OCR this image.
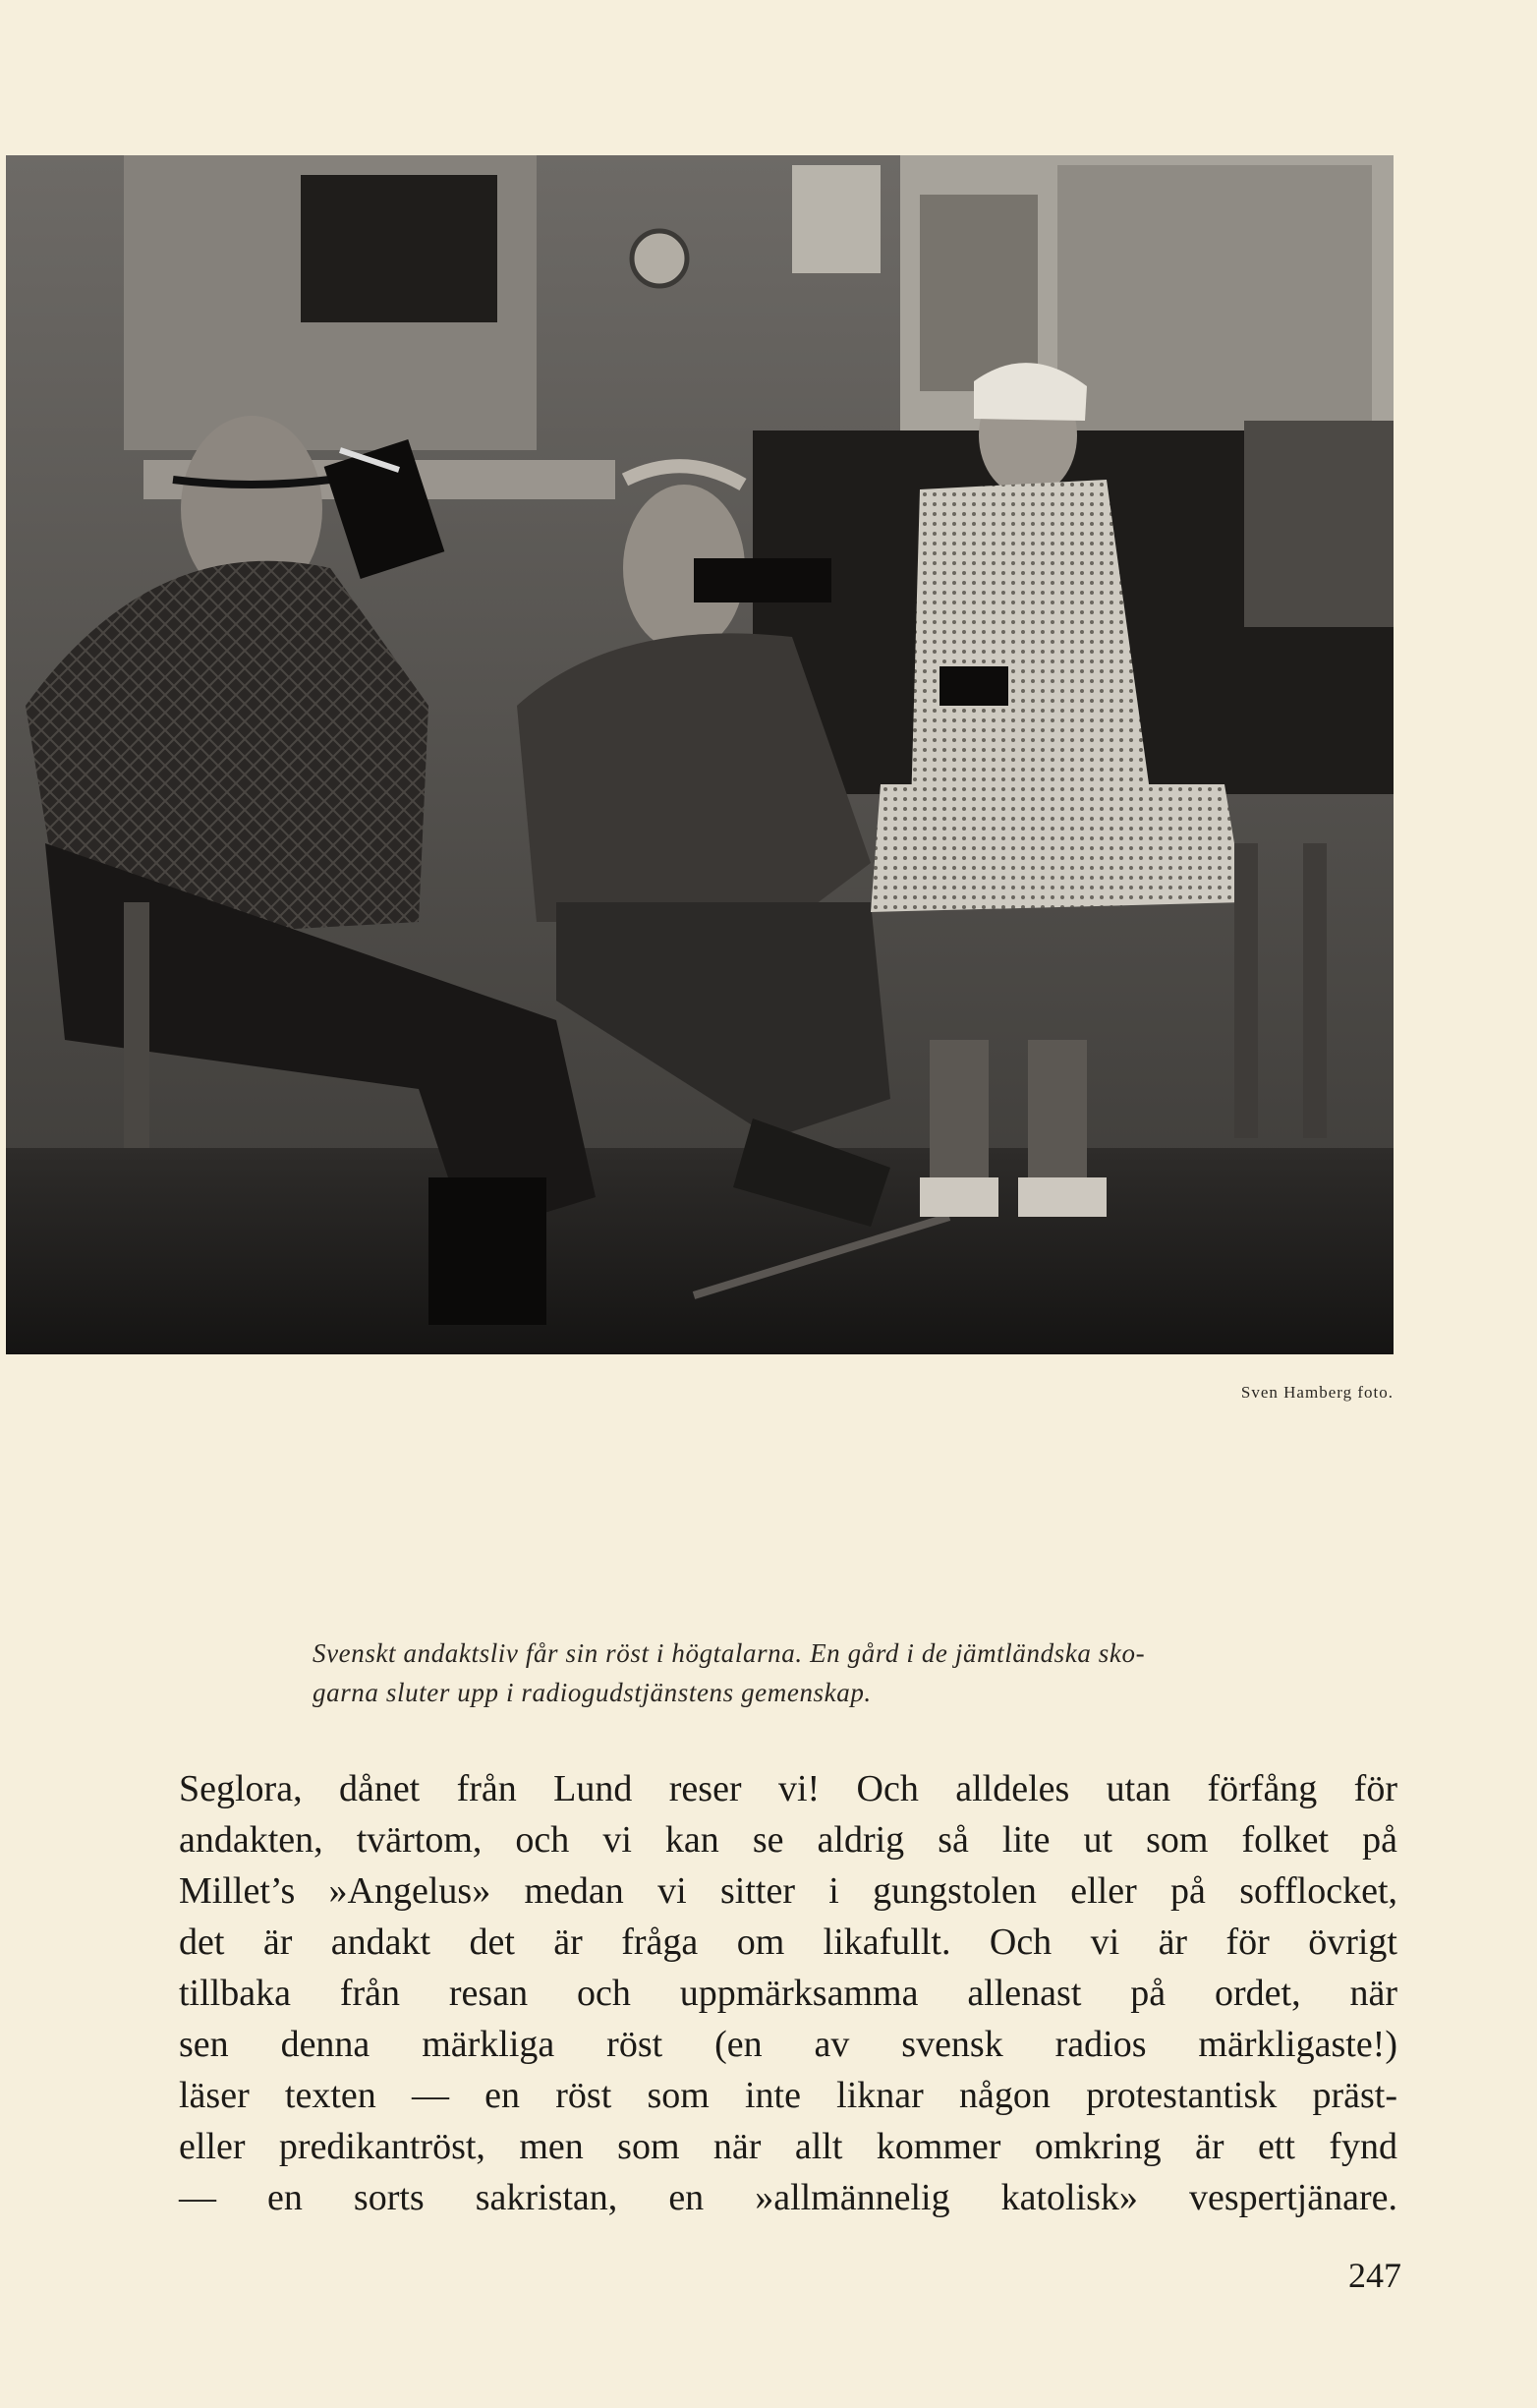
Sven Hamberg foto.
Svenskt andaktsliv får sin röst i högtalarna. En gård i de jämtländska sko-
garna sluter upp i radiogudstjänstens gemenskap.
Seglora, dånet från Lund reser vi! Och alldeles utan förfång för
andakten, tvärtom, och vi kan se aldrig så lite ut som folket på
Millet’s »Angelus» medan vi sitter i gungstolen eller på sofflocket,
det är andakt det är fråga om likafullt. Och vi är för övrigt
tillbaka från resan och uppmärksamma allenast på ordet, när
sen denna märkliga röst (en av svensk radios märkligaste!)
läser texten — en röst som inte liknar någon protestantisk präst-
eller predikantröst, men som när allt kommer omkring är ett fynd
— en sorts sakristan, en »allmännelig katolisk» vespertjänare.
247
